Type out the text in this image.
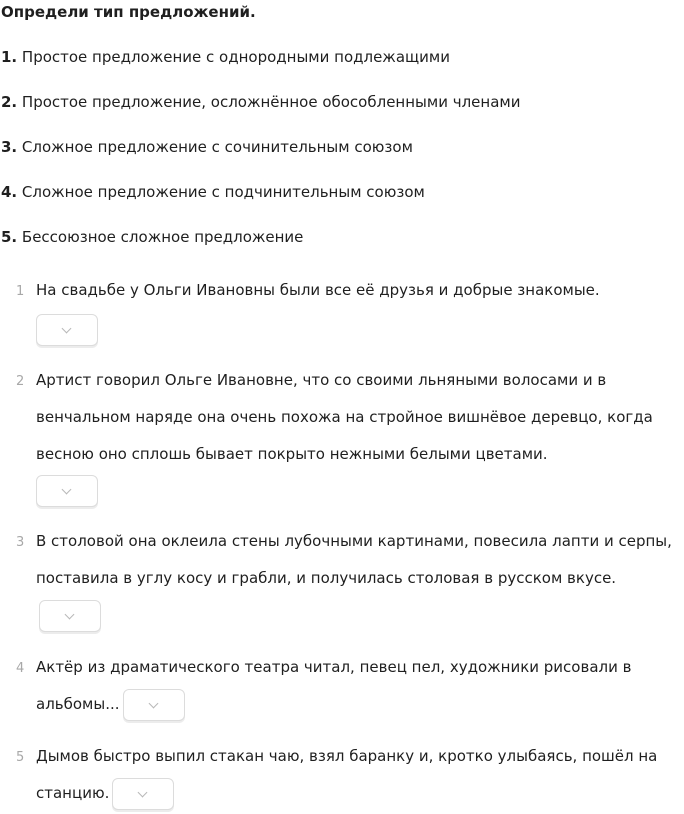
Определи тип предложений.
1. Простое предложение с однородными подлежащими
2. Простое предложение, осложнённое обособленными членами
3. Сложное предложение с сочинительным союзом
4. Сложное предложение с подчинительным союзом
5. Бессоюзное сложное предложение
1 На свадьбе у Ольги Ивановны были все её друзья и добрые знакомые.
2 Артист говорил Ольге Ивановне, что со своими льняными волосами и в венчальном наряде она очень похожа на стройное вишнёвое деревцо, когда весною оно сплошь бывает покрыто нежными белыми цветами.
3 В столовой она оклеила стены лубочными картинами, повесила лапти и серпы, поставила в углу косу и грабли, и получилась столовая в русском вкусе.
4 Актёр из драматического театра читал, певец пел, художники рисовали в альбомы...
5 Дымов быстро выпил стакан чаю, взял баранку и, кротко улыбаясь, пошёл на станцию.
